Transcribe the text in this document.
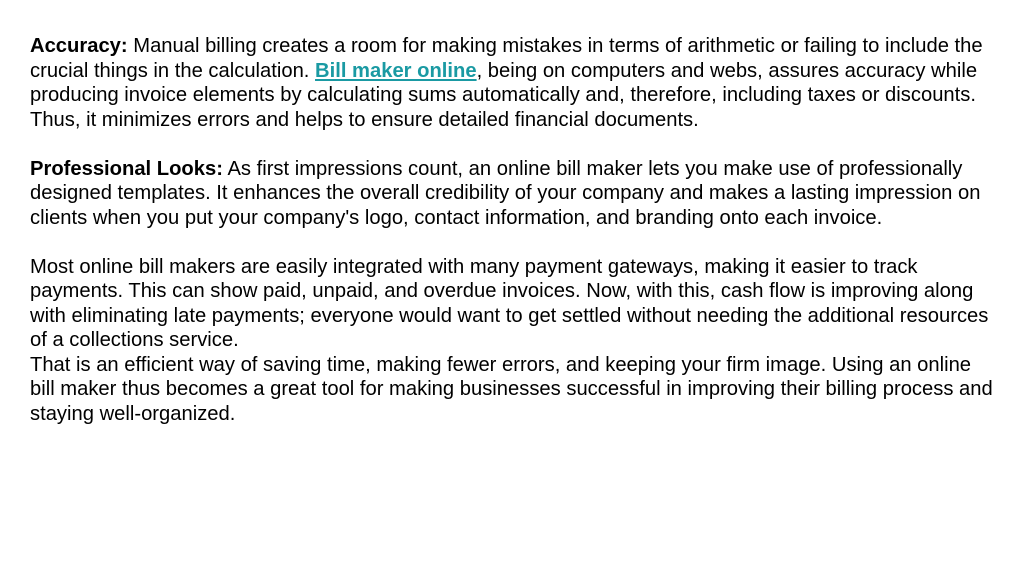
Accuracy: Manual billing creates a room for making mistakes in terms of arithmetic or failing to include the crucial things in the calculation. Bill maker online, being on computers and webs, assures accuracy while producing invoice elements by calculating sums automatically and, therefore, including taxes or discounts. Thus, it minimizes errors and helps to ensure detailed financial documents.

Professional Looks: As first impressions count, an online bill maker lets you make use of professionally designed templates. It enhances the overall credibility of your company and makes a lasting impression on clients when you put your company's logo, contact information, and branding onto each invoice.

Most online bill makers are easily integrated with many payment gateways, making it easier to track payments. This can show paid, unpaid, and overdue invoices. Now, with this, cash flow is improving along with eliminating late payments; everyone would want to get settled without needing the additional resources of a collections service.

That is an efficient way of saving time, making fewer errors, and keeping your firm image. Using an online bill maker thus becomes a great tool for making businesses successful in improving their billing process and staying well-organized.
